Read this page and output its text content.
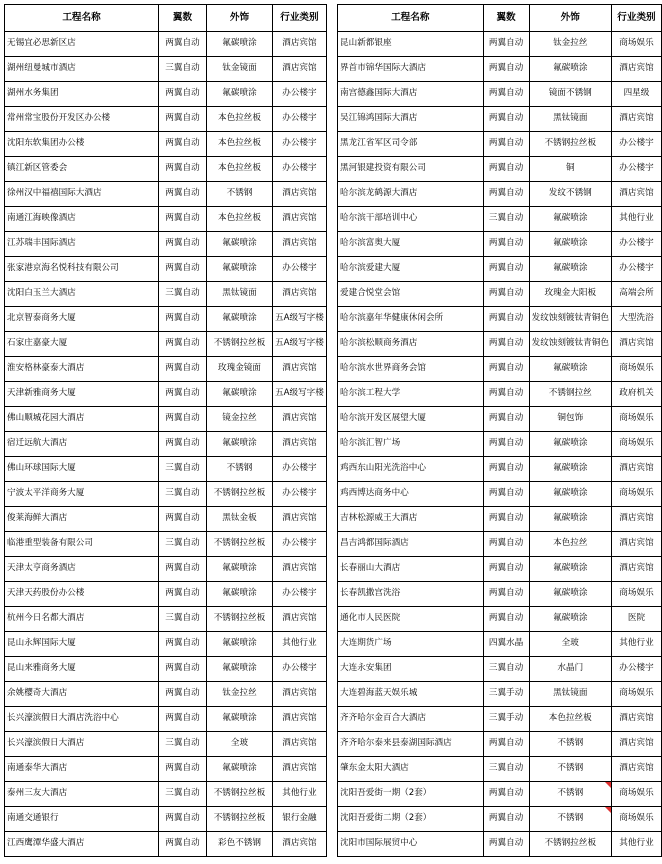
工程名称	翼数	外饰	行业类别
无锡宜必思新区店	两翼自动	氟碳喷涂	酒店宾馆
湖州纽曼城市酒店	三翼自动	钛金镜面	酒店宾馆
湖州水务集团	两翼自动	氟碳喷涂	办公楼宇
常州常宝股份开发区办公楼	两翼自动	本色拉丝板	办公楼宇
沈阳东软集团办公楼	两翼自动	本色拉丝板	办公楼宇
镇江新区管委会	两翼自动	本色拉丝板	办公楼宇
徐州汉中福禧国际大酒店	两翼自动	不锈钢	酒店宾馆
南通江海映像酒店	两翼自动	本色拉丝板	酒店宾馆
江苏瑞丰国际酒店	两翼自动	氟碳喷涂	酒店宾馆
张家港京海名悦科技有限公司	两翼自动	氟碳喷涂	办公楼宇
沈阳白玉兰大酒店	三翼自动	黑钛镜面	酒店宾馆
北京智泰商务大厦	两翼自动	氟碳喷涂	五A级写字楼
石家庄嘉豪大厦	两翼自动	不锈钢拉丝板	五A级写字楼
淮安格林豪泰大酒店	两翼自动	玫瑰金镜面	酒店宾馆
天津新雅商务大厦	两翼自动	氟碳喷涂	五A级写字楼
佛山顺城花园大酒店	两翼自动	镜金拉丝	酒店宾馆
宿迁远航大酒店	两翼自动	氟碳喷涂	酒店宾馆
佛山环球国际大厦	三翼自动	不锈钢	办公楼宇
宁波太平洋商务大厦	三翼自动	不锈钢拉丝板	办公楼宇
俊莱海鲜大酒店	两翼自动	黑钛金板	酒店宾馆
临港重型装备有限公司	三翼自动	不锈钢拉丝板	办公楼宇
天津太亨商务酒店	两翼自动	氟碳喷涂	酒店宾馆
天津天药股份办公楼	两翼自动	氟碳喷涂	办公楼宇
杭州今日名都大酒店	三翼自动	不锈钢拉丝板	酒店宾馆
昆山永辉国际大厦	两翼自动	氟碳喷涂	其他行业
昆山来雅商务大厦	两翼自动	氟碳喷涂	办公楼宇
余姚樱奇大酒店	两翼自动	钛金拉丝	酒店宾馆
长兴濠滨假日大酒店洗浴中心	两翼自动	氟碳喷涂	酒店宾馆
长兴濠滨假日大酒店	三翼自动	全玻	酒店宾馆
南通泰华大酒店	两翼自动	氟碳喷涂	酒店宾馆
泰州三友大酒店	三翼自动	不锈钢拉丝板	其他行业
南通交通银行	两翼自动	不锈钢拉丝板	银行金融
江西鹰潭华盛大酒店	两翼自动	彩色不锈钢	酒店宾馆
工程名称	翼数	外饰	行业类别
昆山新都银座	两翼自动	钛金拉丝	商场娱乐
界首市锦华国际大酒店	两翼自动	氟碳喷涂	酒店宾馆
南宫德鑫国际大酒店	两翼自动	镜面不锈钢	四星级
吴江锦鸿国际大酒店	两翼自动	黑钛镜面	酒店宾馆
黑龙江省军区司令部	两翼自动	不锈钢拉丝板	办公楼宇
黑河银建投资有限公司	两翼自动	铜	办公楼宇
哈尔滨龙鹤源大酒店	两翼自动	发纹不锈钢	酒店宾馆
哈尔滨干部培训中心	三翼自动	氟碳喷涂	其他行业
哈尔滨富奥大厦	两翼自动	氟碳喷涂	办公楼宇
哈尔滨爱建大厦	两翼自动	氟碳喷涂	办公楼宇
爱建合悦堂会馆	两翼自动	玫瑰金大阳板	高端会所
哈尔滨嘉年华健康休闲会所	两翼自动	发纹蚀刻镀钛青铜色	大型洗浴
哈尔滨松顺商务酒店	两翼自动	发纹蚀刻镀钛青铜色	酒店宾馆
哈尔滨水世界商务会馆	两翼自动	氟碳喷涂	商场娱乐
哈尔滨工程大学	两翼自动	不锈钢拉丝	政府机关
哈尔滨开发区展望大厦	两翼自动	铜包饰	商场娱乐
哈尔滨汇智广场	两翼自动	氟碳喷涂	商场娱乐
鸡西东山阳光洗浴中心	两翼自动	氟碳喷涂	酒店宾馆
鸡西博达商务中心	两翼自动	氟碳喷涂	商场娱乐
吉林松源威王大酒店	两翼自动	氟碳喷涂	酒店宾馆
昌吉鸿都国际酒店	两翼自动	本色拉丝	酒店宾馆
长春丽山大酒店	两翼自动	氟碳喷涂	酒店宾馆
长春凯撒宫洗浴	两翼自动	氟碳喷涂	商场娱乐
通化市人民医院	两翼自动	氟碳喷涂	医院
大连期货广场	四翼水晶	全玻	其他行业
大连永安集团	三翼自动	水晶门	办公楼宇
大连碧海蓝天娱乐城	三翼手动	黑钛镜面	商场娱乐
齐齐哈尔金百合大酒店	三翼手动	本色拉丝板	酒店宾馆
齐齐哈尔泰来县泰湖国际酒店	两翼自动	不锈钢	酒店宾馆
肇东金太阳大酒店	三翼自动	不锈钢	酒店宾馆
沈阳吾爱街一期（2套）	两翼自动	不锈钢	商场娱乐
沈阳吾爱街二期（2套）	两翼自动	不锈钢	商场娱乐
沈阳市国际展贸中心	两翼自动	不锈钢拉丝板	其他行业
